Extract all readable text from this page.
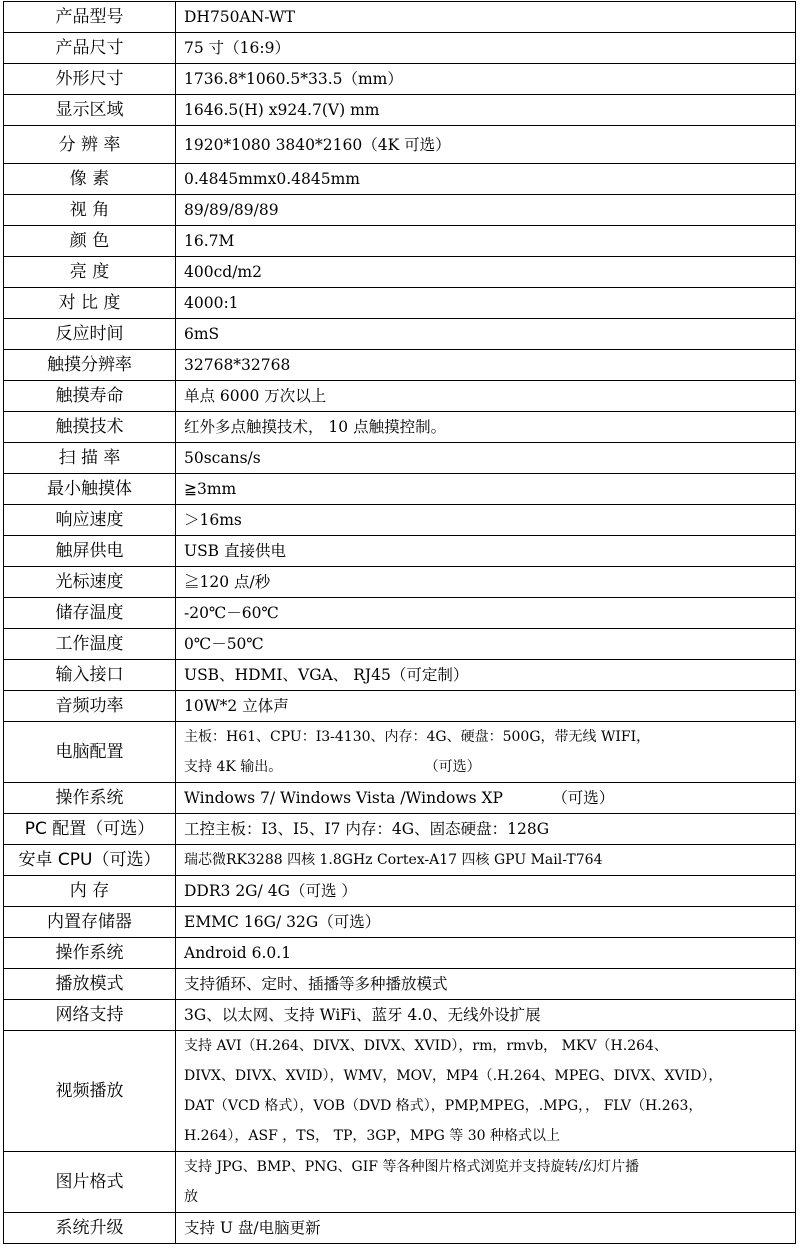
产品型号	DH750AN-WT

产品尺寸	75 寸（16:9）

外形尺寸	1736.8*1060.5*33.5（mm）

显示区域	1646.5(H) x924.7(V) mm

分 辨 率	1920*1080 3840*2160（4K 可选）

像 素	0.4845mmx0.4845mm

视 角	89/89/89/89

颜 色	16.7M

亮 度	400cd/m2

对 比 度	4000:1

反应时间	6mS

触摸分辨率	32768*32768

触摸寿命	单点 6000 万次以上

触摸技术	红外多点触摸技术， 10 点触摸控制。

扫 描 率	50scans/s

最小触摸体	≧3mm

响应速度	＞16ms

触屏供电	USB 直接供电

光标速度	≧120 点/秒

储存温度	-20℃－60℃

工作温度	0℃－50℃

输入接口	USB、HDMI、VGA、 RJ45（可定制）

音频功率	10W*2 立体声

电脑配置	主板：H61、CPU：I3-4130、内存：4G、硬盘：500G，带无线 WIFI，
支持 4K 输出。                                （可选）

操作系统	Windows 7/ Windows Vista /Windows XP          （可选）

PC 配置（可选）	工控主板：I3、I5、I7 内存：4G、固态硬盘：128G

安卓 CPU（可选）	瑞芯微RK3288 四核 1.8GHz Cortex-A17 四核 GPU Mail-T764

内 存	DDR3 2G/ 4G（可选 ）

内置存储器	EMMC 16G/ 32G（可选）

操作系统	Android 6.0.1

播放模式	支持循环、定时、插播等多种播放模式

网络支持	3G、以太网、支持 WiFi、蓝牙 4.0、无线外设扩展

视频播放	支持 AVI（H.264、DIVX、DIVX、XVID），rm，rmvb， MKV（H.264、
DIVX、DIVX、XVID），WMV，MOV，MP4（.H.264、MPEG、DIVX、XVID），
DAT（VCD 格式），VOB（DVD 格式），PMP,MPEG，.MPG，， FLV（H.263，
H.264），ASF ，TS， TP，3GP，MPG 等 30 种格式以上

图片格式	支持 JPG、BMP、PNG、GIF 等各种图片格式浏览并支持旋转/幻灯片播
放

系统升级	支持 U 盘/电脑更新
